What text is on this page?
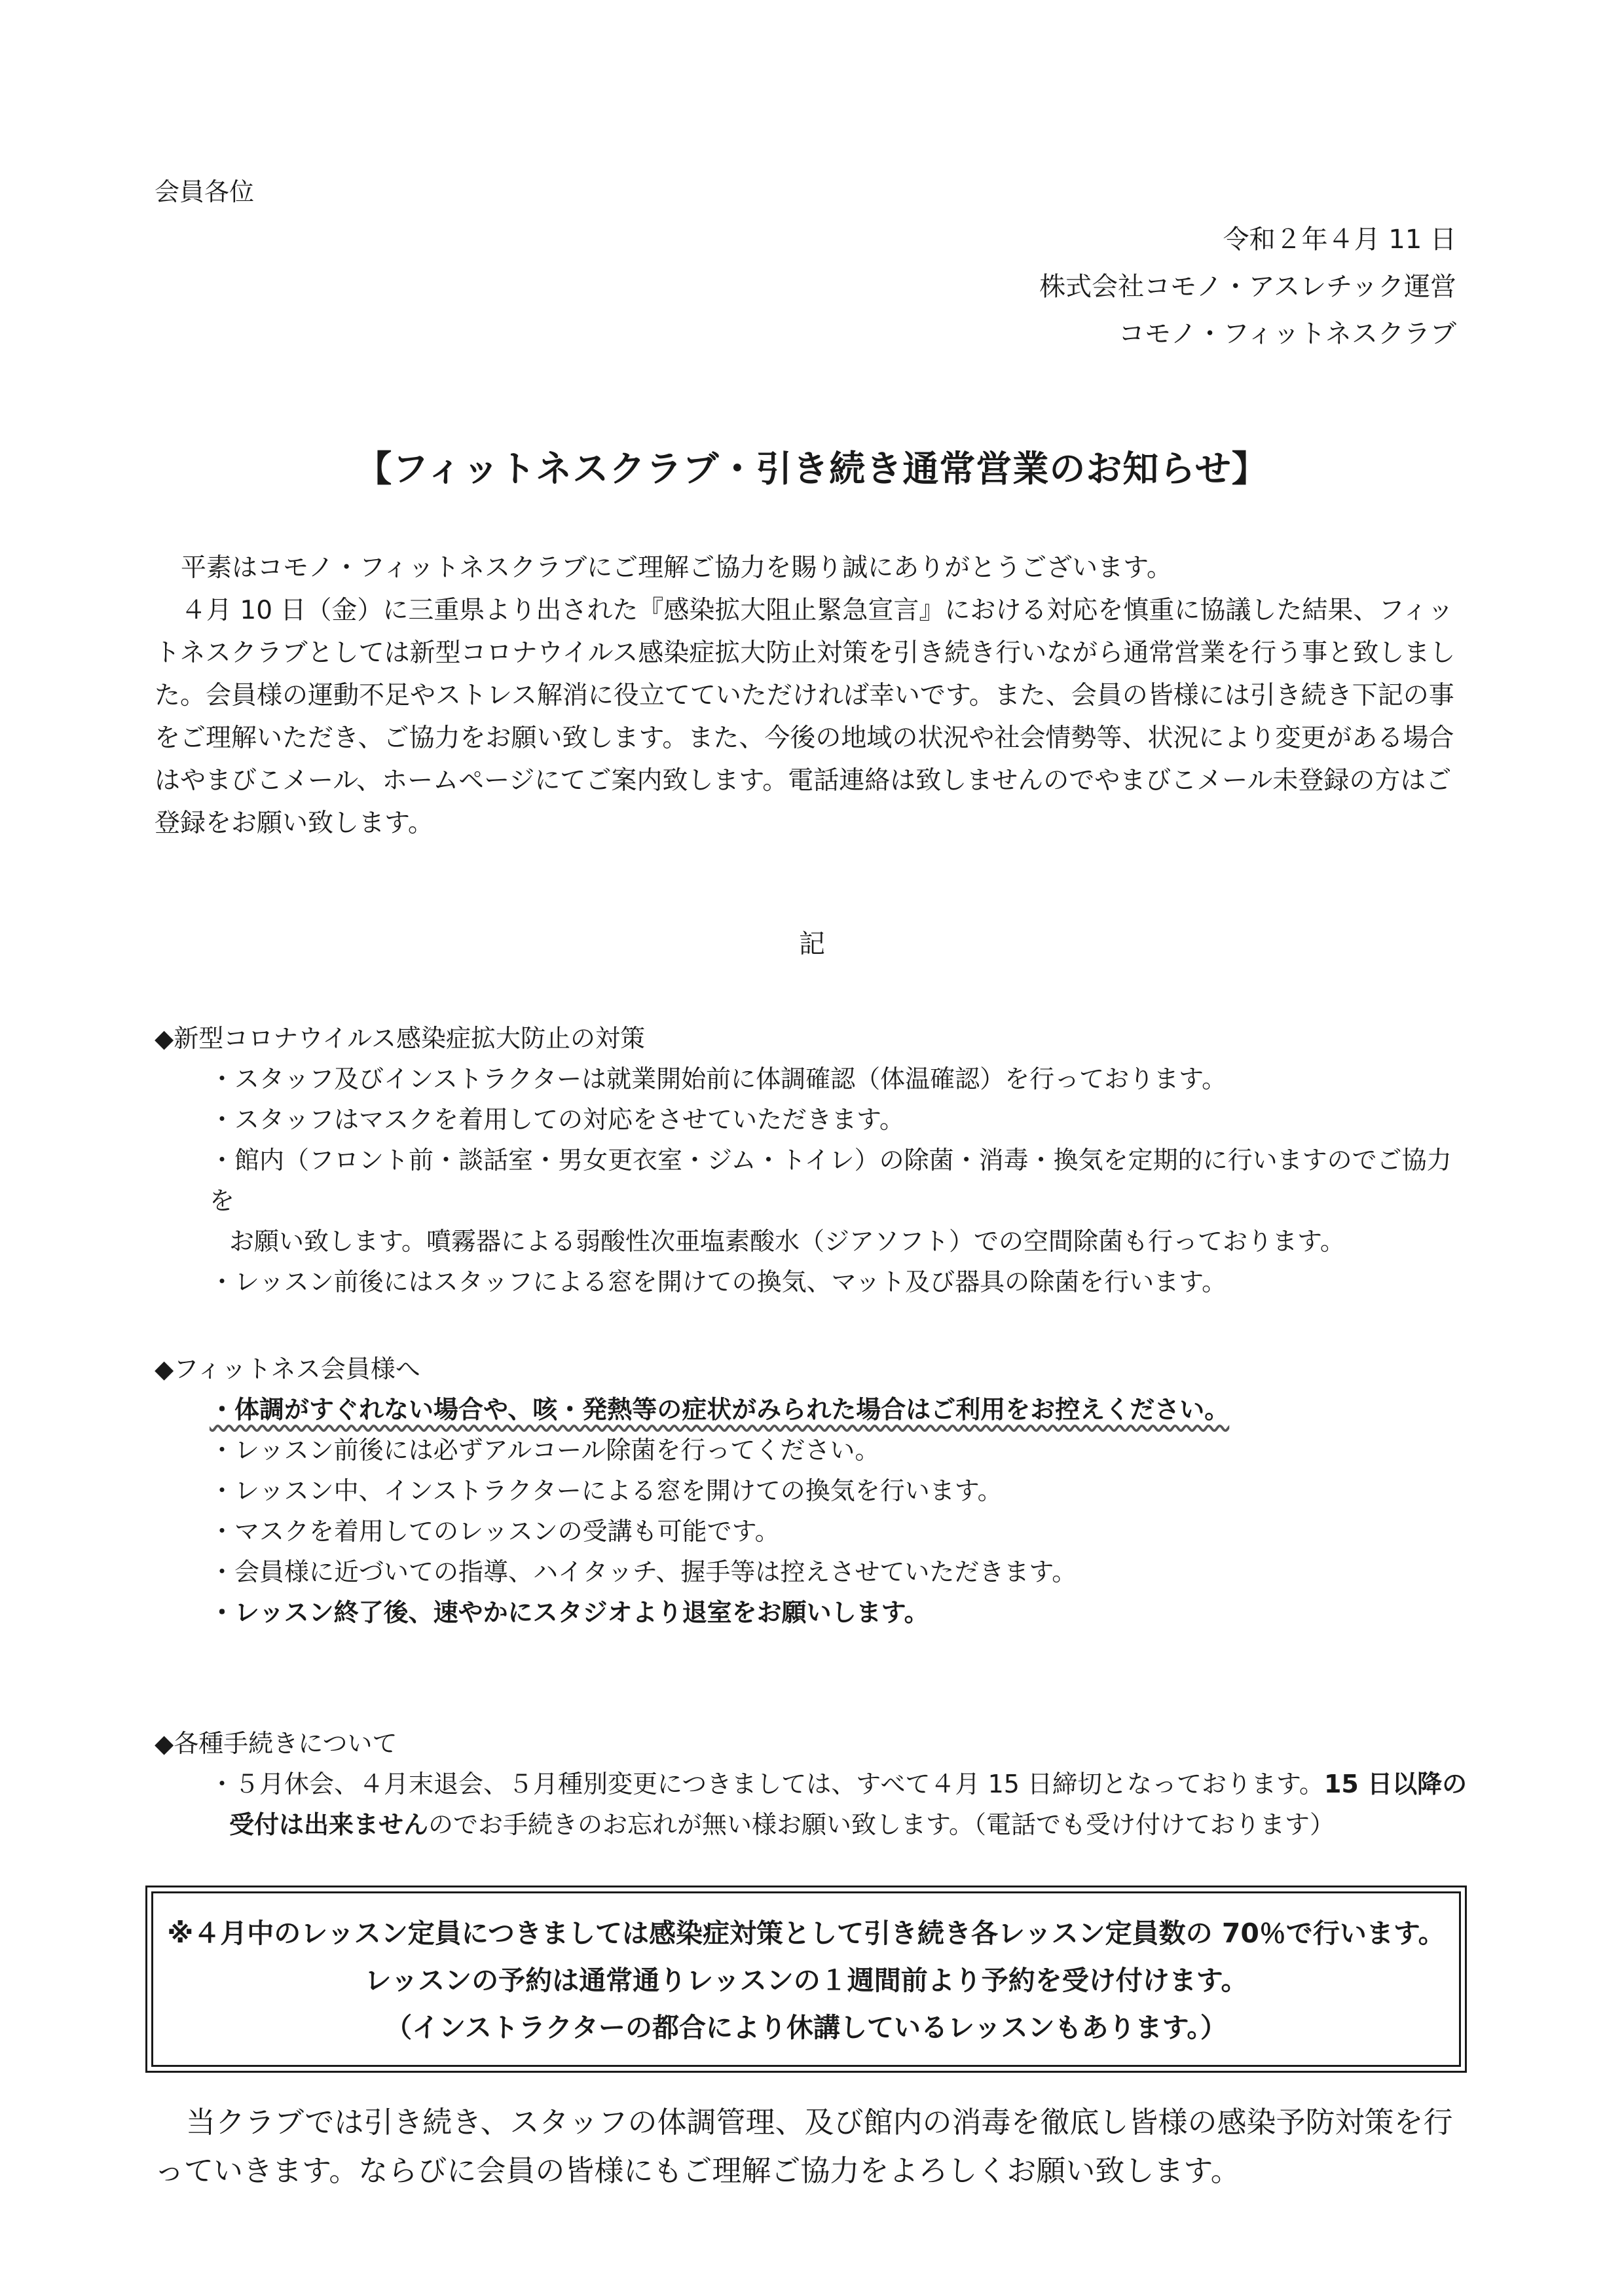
会員各位
令和２年４月 11 日
株式会社コモノ・アスレチック運営
コモノ・フィットネスクラブ
【フィットネスクラブ・引き続き通常営業のお知らせ】

平素はコモノ・フィットネスクラブにご理解ご協力を賜り誠にありがとうございます。

４月 10 日（金）に三重県より出された『感染拡大阻止緊急宣言』における対応を慎重に協議した結果、フィットネスクラブとしては新型コロナウイルス感染症拡大防止対策を引き続き行いながら通常営業を行う事と致しました。会員様の運動不足やストレス解消に役立てていただければ幸いです。また、会員の皆様には引き続き下記の事をご理解いただき、ご協力をお願い致します。また、今後の地域の状況や社会情勢等、状況により変更がある場合はやまびこメール、ホームページにてご案内致します。電話連絡は致しませんのでやまびこメール未登録の方はご登録をお願い致します。

記
◆新型コロナウイルス感染症拡大防止の対策
・スタッフ及びインストラクターは就業開始前に体調確認（体温確認）を行っております。
・スタッフはマスクを着用しての対応をさせていただきます。
・館内（フロント前・談話室・男女更衣室・ジム・トイレ）の除菌・消毒・換気を定期的に行いますのでご協力を
お願い致します。噴霧器による弱酸性次亜塩素酸水（ジアソフト）での空間除菌も行っております。
・レッスン前後にはスタッフによる窓を開けての換気、マット及び器具の除菌を行います。
◆フィットネス会員様へ
・体調がすぐれない場合や、咳・発熱等の症状がみられた場合はご利用をお控えください。
・レッスン前後には必ずアルコール除菌を行ってください。
・レッスン中、インストラクターによる窓を開けての換気を行います。
・マスクを着用してのレッスンの受講も可能です。
・会員様に近づいての指導、ハイタッチ、握手等は控えさせていただきます。
・レッスン終了後、速やかにスタジオより退室をお願いします。
◆各種手続きについて
・５月休会、４月末退会、５月種別変更につきましては、すべて４月 15 日締切となっております。15 日以降の
受付は出来ませんのでお手続きのお忘れが無い様お願い致します。（電話でも受け付けております）
※４月中のレッスン定員につきましては感染症対策として引き続き各レッスン定員数の 70％で行います。
レッスンの予約は通常通りレッスンの１週間前より予約を受け付けます。
（インストラクターの都合により休講しているレッスンもあります。）

当クラブでは引き続き、スタッフの体調管理、及び館内の消毒を徹底し皆様の感染予防対策を行っていきます。ならびに会員の皆様にもご理解ご協力をよろしくお願い致します。
